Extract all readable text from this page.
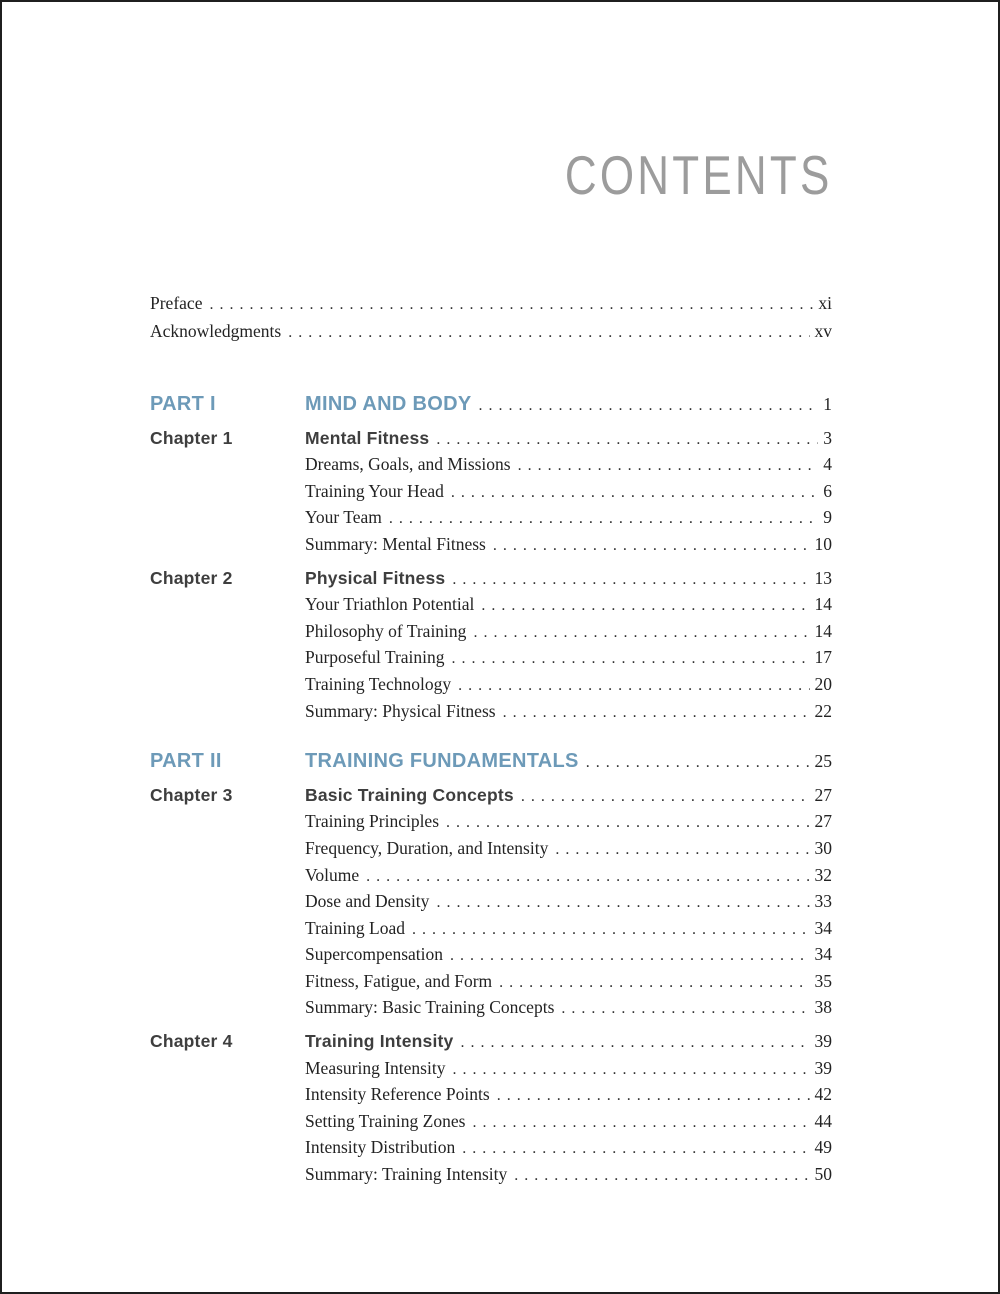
CONTENTS
Preface . . .	xi
Acknowledgments . . .	xv
PART I	MIND AND BODY . . .	1
Chapter 1	Mental Fitness . . .	3
Dreams, Goals, and Missions . . .	4
Training Your Head . . .	6
Your Team . . .	9
Summary: Mental Fitness . . .	10
Chapter 2	Physical Fitness . . .	13
Your Triathlon Potential . . .	14
Philosophy of Training . . .	14
Purposeful Training . . .	17
Training Technology . . .	20
Summary: Physical Fitness . . .	22
PART II	TRAINING FUNDAMENTALS . . .	25
Chapter 3	Basic Training Concepts . . .	27
Training Principles . . .	27
Frequency, Duration, and Intensity . . .	30
Volume . . .	32
Dose and Density . . .	33
Training Load . . .	34
Supercompensation . . .	34
Fitness, Fatigue, and Form . . .	35
Summary: Basic Training Concepts . . .	38
Chapter 4	Training Intensity . . .	39
Measuring Intensity . . .	39
Intensity Reference Points . . .	42
Setting Training Zones . . .	44
Intensity Distribution . . .	49
Summary: Training Intensity . . .	50
